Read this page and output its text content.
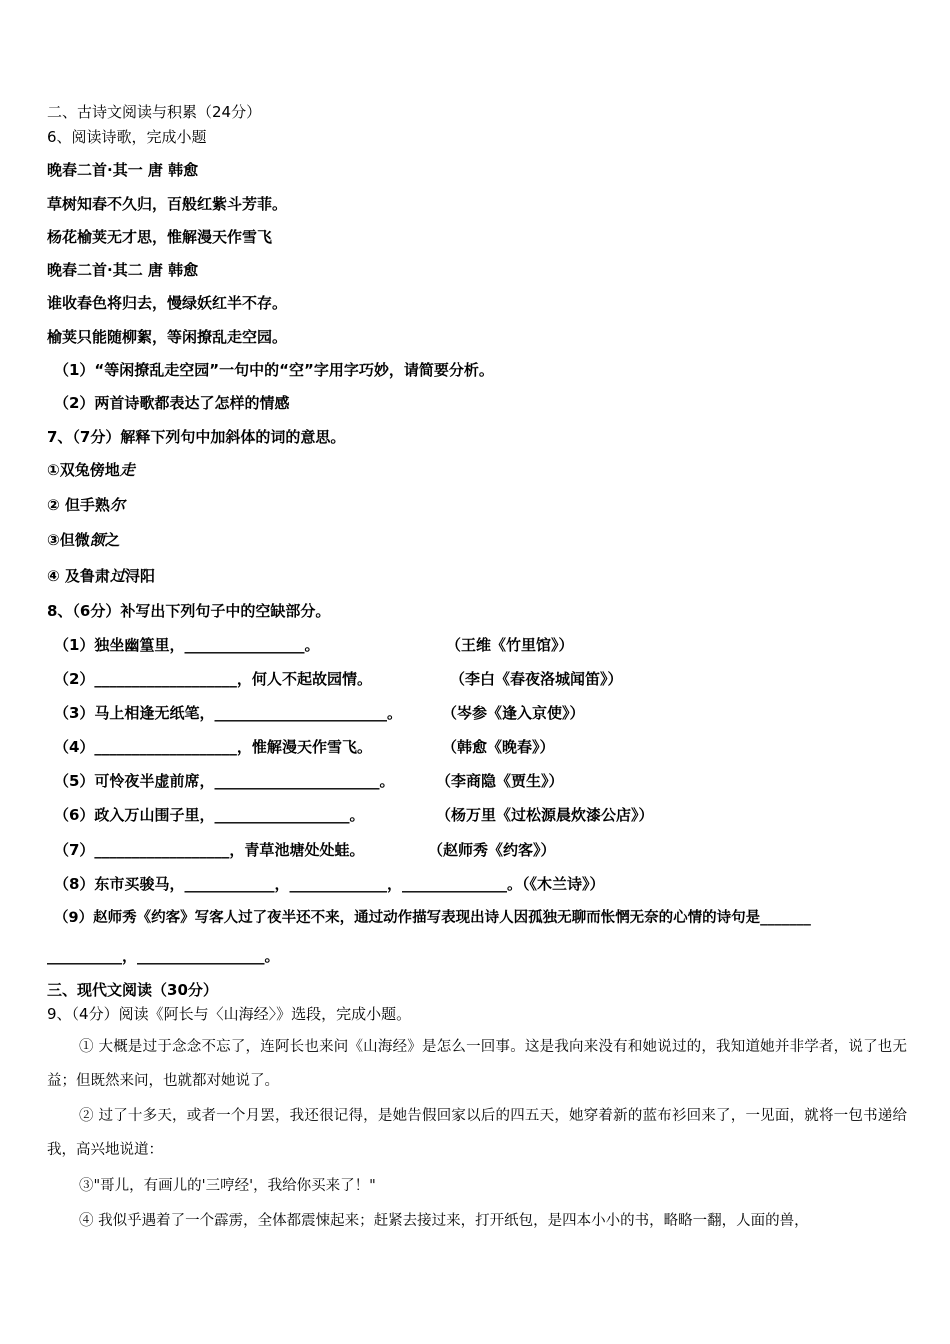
二、古诗文阅读与积累（24分）
6、阅读诗歌，完成小题
晚春二首·其一 唐 韩愈
草树知春不久归，百般红紫斗芳菲。
杨花榆荚无才思，惟解漫天作雪飞
晚春二首·其二 唐 韩愈
谁收春色将归去，慢绿妖红半不存。
榆荚只能随柳絮，等闲撩乱走空园。
（1）“等闲撩乱走空园”一句中的“空”字用字巧妙，请简要分析。
（2）两首诗歌都表达了怎样的情感
7、（7分）解释下列句中加斜体的词的意思。
①双兔傍地走
② 但手熟尔
③但微颔之
④ 及鲁肃过浔阳
8、（6分）补写出下列句子中的空缺部分。
（1）独坐幽篁里，________________。	（王维《竹里馆》）
（2）___________________，何人不起故园情。	（李白《春夜洛城闻笛》）
（3）马上相逢无纸笔，_______________________。	（岑参《逢入京使》）
（4）___________________，惟解漫天作雪飞。	（韩愈《晚春》）
（5）可怜夜半虚前席，______________________。	（李商隐《贾生》）
（6）政入万山围子里，__________________。	（杨万里《过松源晨炊漆公店》）
（7）__________________，青草池塘处处蛙。	（赵师秀《约客》）
（8）东市买骏马，____________，_____________，______________。（《木兰诗》）
（9）赵师秀《约客》写客人过了夜半还不来，通过动作描写表现出诗人因孤独无聊而怅惘无奈的心情的诗句是_______
__________，_________________。
三、现代文阅读（30分）
9、（4分）阅读《阿长与〈山海经〉》选段，完成小题。
① 大概是过于念念不忘了，连阿长也来问《山海经》是怎么一回事。这是我向来没有和她说过的，我知道她并非学者，说了也无益；但既然来问，也就都对她说了。
② 过了十多天，或者一个月罢，我还很记得，是她告假回家以后的四五天，她穿着新的蓝布衫回来了，一见面，就将一包书递给我，高兴地说道：
③"哥儿，有画儿的'三哼经'，我给你买来了！"
④ 我似乎遇着了一个霹雳，全体都震悚起来；赶紧去接过来，打开纸包，是四本小小的书，略略一翻，人面的兽，
